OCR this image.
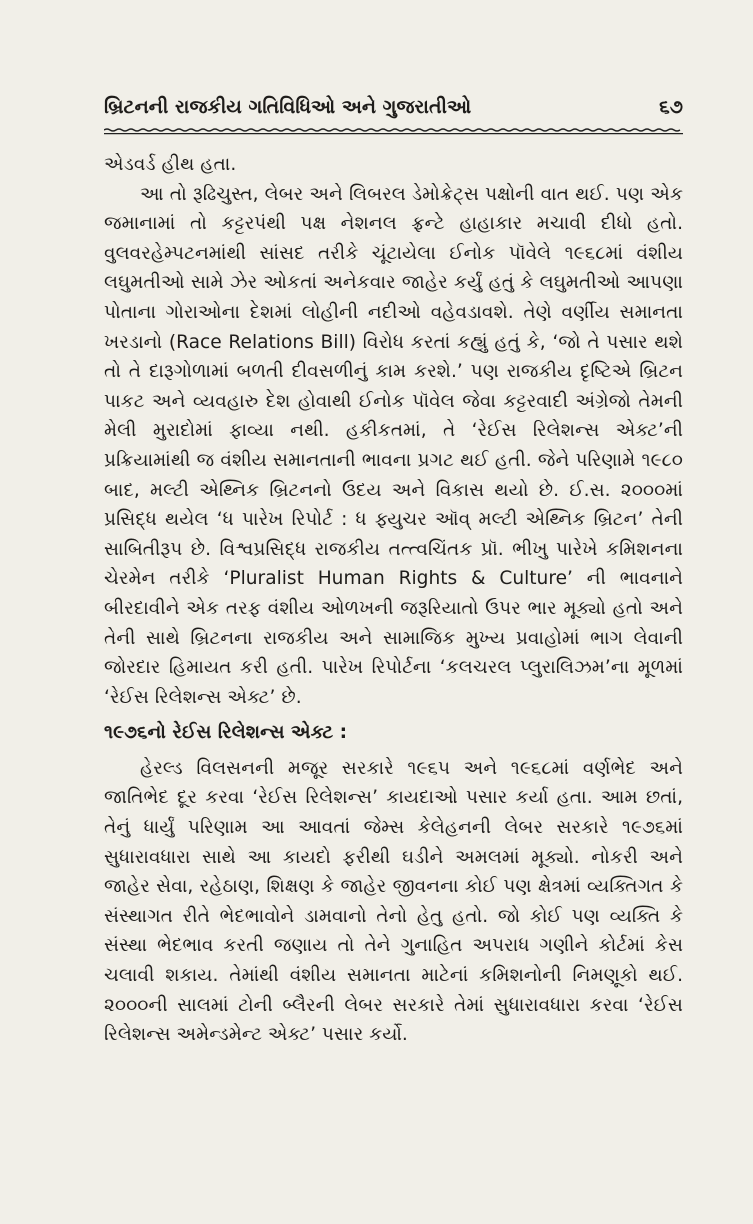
બ્રિટનની રાજકીય ગતિવિધિઓ અને ગુજરાતીઓ	૬૭

એડવર્ડ હીથ હતા.

આ તો રૂઢિચુસ્ત, લેબર અને લિબરલ ડેમોક્રેટ્સ પક્ષોની વાત થઈ. પણ એક જમાનામાં તો કટ્ટરપંથી પક્ષ નેશનલ ફ્રન્ટે હાહાકાર મચાવી દીધો હતો. વુલવરહેમ્પટનમાંથી સાંસદ તરીકે ચૂંટાયેલા ઈનોક પૉવેલે ૧૯૬૮માં વંશીય લઘુમતીઓ સામે ઝેર ઓકતાં અનેકવાર જાહેર કર્યું હતું કે લઘુમતીઓ આપણા પોતાના ગોરાઓના દેશમાં લોહીની નદીઓ વહેવડાવશે. તેણે વર્ણીય સમાનતા ખરડાનો (Race Relations Bill) વિરોધ કરતાં કહ્યું હતું કે, ‘જો તે પસાર થશે તો તે દારૂગોળામાં બળતી દીવસળીનું કામ કરશે.’ પણ રાજકીય દૃષ્ટિએ બ્રિટન પાકટ અને વ્યવહારુ દેશ હોવાથી ઈનોક પૉવેલ જેવા કટ્ટરવાદી અંગ્રેજો તેમની મેલી મુરાદોમાં ફાવ્યા નથી. હકીકતમાં, તે ‘રેઈસ રિલેશન્સ એક્ટ’ની પ્રક્રિયામાંથી જ વંશીય સમાનતાની ભાવના પ્રગટ થઈ હતી. જેને પરિણામે ૧૯૮૦ બાદ, મલ્ટી એથ્નિક બ્રિટનનો ઉદય અને વિકાસ થયો છે. ઈ.સ. ૨૦૦૦માં પ્રસિદ્ધ થયેલ ‘ધ પારેખ રિપોર્ટ : ધ ફ્યુચર ઑવ્ મલ્ટી એથ્નિક બ્રિટન’ તેની સાબિતીરૂપ છે. વિશ્વપ્રસિદ્ધ રાજકીય તત્ત્વચિંતક પ્રૉ. ભીખુ પારેખે કમિશનના ચેરમેન તરીકે ‘Pluralist Human Rights & Culture’ ની ભાવનાને બીરદાવીને એક તરફ વંશીય ઓળખની જરૂરિયાતો ઉપર ભાર મૂક્યો હતો અને તેની સાથે બ્રિટનના રાજકીય અને સામાજિક મુખ્ય પ્રવાહોમાં ભાગ લેવાની જોરદાર હિમાયત કરી હતી. પારેખ રિપોર્ટના ‘કલચરલ પ્લુરાલિઝમ’ના મૂળમાં ‘રેઈસ રિલેશન્સ એક્ટ’ છે.

૧૯૭૬નો રેઈસ રિલેશન્સ એક્ટ :

હેરલ્ડ વિલસનની મજૂર સરકારે ૧૯૬૫ અને ૧૯૬૮માં વર્ણભેદ અને જાતિભેદ દૂર કરવા ‘રેઈસ રિલેશન્સ’ કાયદાઓ પસાર કર્યા હતા. આમ છતાં, તેનું ધાર્યું પરિણામ આ આવતાં જેમ્સ કેલેહનની લેબર સરકારે ૧૯૭૬માં સુધારાવધારા સાથે આ કાયદો ફરીથી ઘડીને અમલમાં મૂક્યો. નોકરી અને જાહેર સેવા, રહેઠાણ, શિક્ષણ કે જાહેર જીવનના કોઈ પણ ક્ષેત્રમાં વ્યક્તિગત કે સંસ્થાગત રીતે ભેદભાવોને ડામવાનો તેનો હેતુ હતો. જો કોઈ પણ વ્યક્તિ કે સંસ્થા ભેદભાવ કરતી જણાય તો તેને ગુનાહિત અપરાધ ગણીને કોર્ટમાં કેસ ચલાવી શકાય. તેમાંથી વંશીય સમાનતા માટેનાં કમિશનોની નિમણૂકો થઈ. ૨૦૦૦ની સાલમાં ટોની બ્લૈરની લેબર સરકારે તેમાં સુધારાવધારા કરવા ‘રેઈસ રિલેશન્સ અમેન્ડમેન્ટ એક્ટ’ પસાર કર્યો.
